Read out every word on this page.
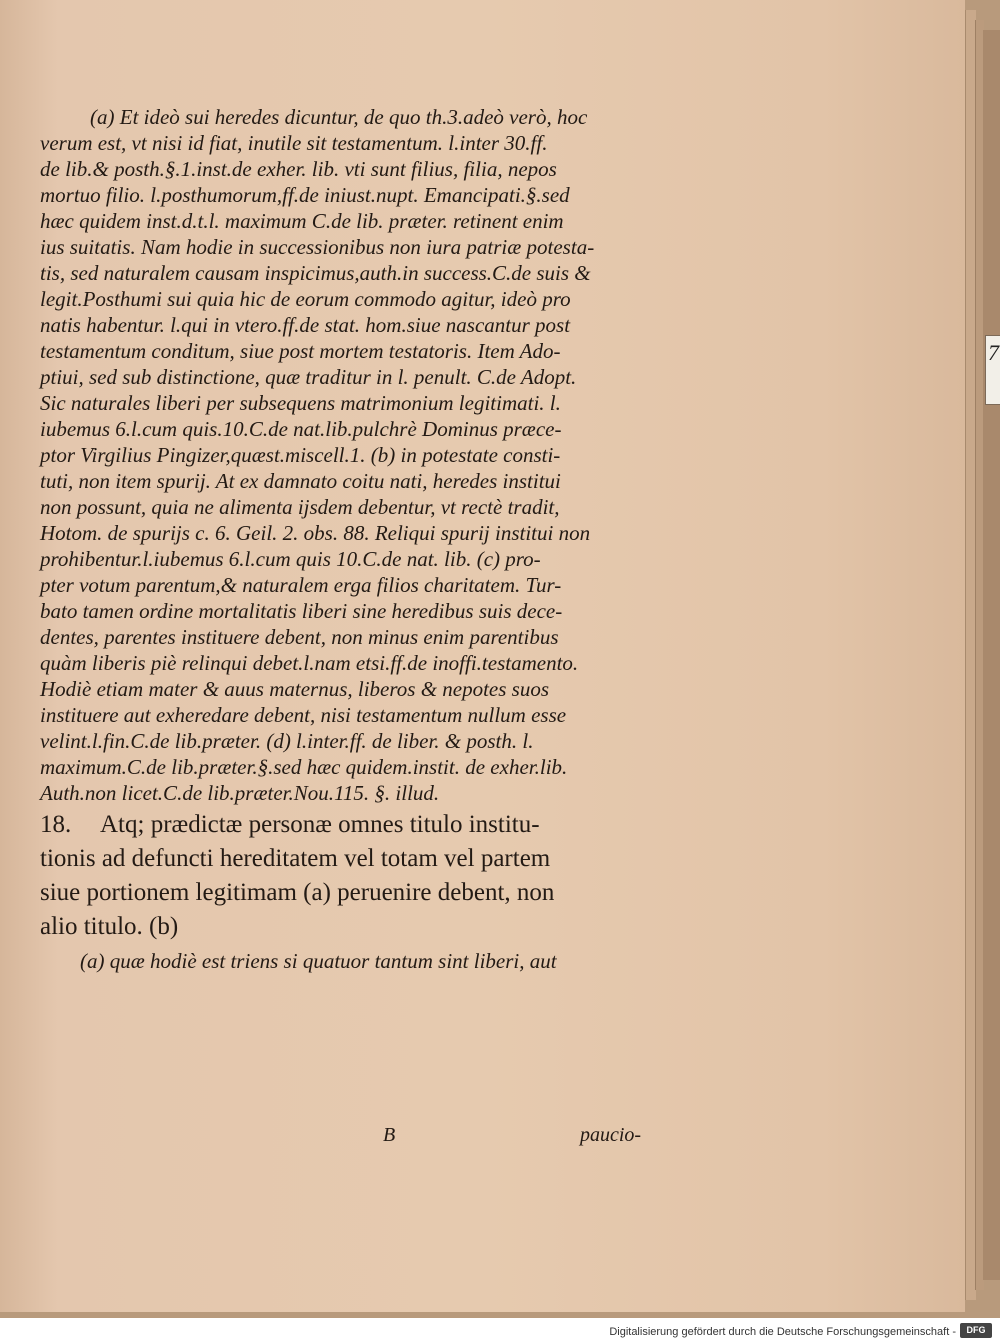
7
(a) Et ideò sui heredes dicuntur, de quo th.3.adeò verò, hoc
verum est, vt nisi id fiat, inutile sit testamentum. l.inter 30.ff.
de lib.& posth.§.1.inst.de exher. lib. vti sunt filius, filia, nepos
mortuo filio. l.posthumorum,ff.de iniust.nupt. Emancipati.§.sed
hæc quidem inst.d.t.l. maximum C.de lib. præter. retinent enim
ius suitatis. Nam hodie in successionibus non iura patriæ potesta-
tis, sed naturalem causam inspicimus,auth.in success.C.de suis &
legit.Posthumi sui quia hic de eorum commodo agitur, ideò pro
natis habentur. l.qui in vtero.ff.de stat. hom.siue nascantur post
testamentum conditum, siue post mortem testatoris. Item Ado-
ptiui, sed sub distinctione, quæ traditur in l. penult. C.de Adopt.
Sic naturales liberi per subsequens matrimonium legitimati. l.
iubemus 6.l.cum quis.10.C.de nat.lib.pulchrè Dominus præce-
ptor Virgilius Pingizer,quæst.miscell.1. (b) in potestate consti-
tuti, non item spurij. At ex damnato coitu nati, heredes institui
non possunt, quia ne alimenta ijsdem debentur, vt rectè tradit,
Hotom. de spurijs c. 6. Geil. 2. obs. 88. Reliqui spurij institui non
prohibentur.l.iubemus 6.l.cum quis 10.C.de nat. lib. (c) pro-
pter votum parentum,& naturalem erga filios charitatem. Tur-
bato tamen ordine mortalitatis liberi sine heredibus suis dece-
dentes, parentes instituere debent, non minus enim parentibus
quàm liberis piè relinqui debet.l.nam etsi.ff.de inoffi.testamento.
Hodiè etiam mater & auus maternus, liberos & nepotes suos
instituere aut exheredare debent, nisi testamentum nullum esse
velint.l.fin.C.de lib.præter. (d) l.inter.ff. de liber. & posth. l.
maximum.C.de lib.præter.§.sed hæc quidem.instit. de exher.lib.
Auth.non licet.C.de lib.præter.Nou.115. §. illud.
18. Atq; prædictæ personæ omnes titulo institu-
tionis ad defuncti hereditatem vel totam vel partem
siue portionem legitimam (a) peruenire debent, non
alio titulo. (b)
(a) quæ hodiè est triens si quatuor tantum sint liberi, aut
B	paucio-
Digitalisierung gefördert durch die Deutsche Forschungsgemeinschaft -	DFG
